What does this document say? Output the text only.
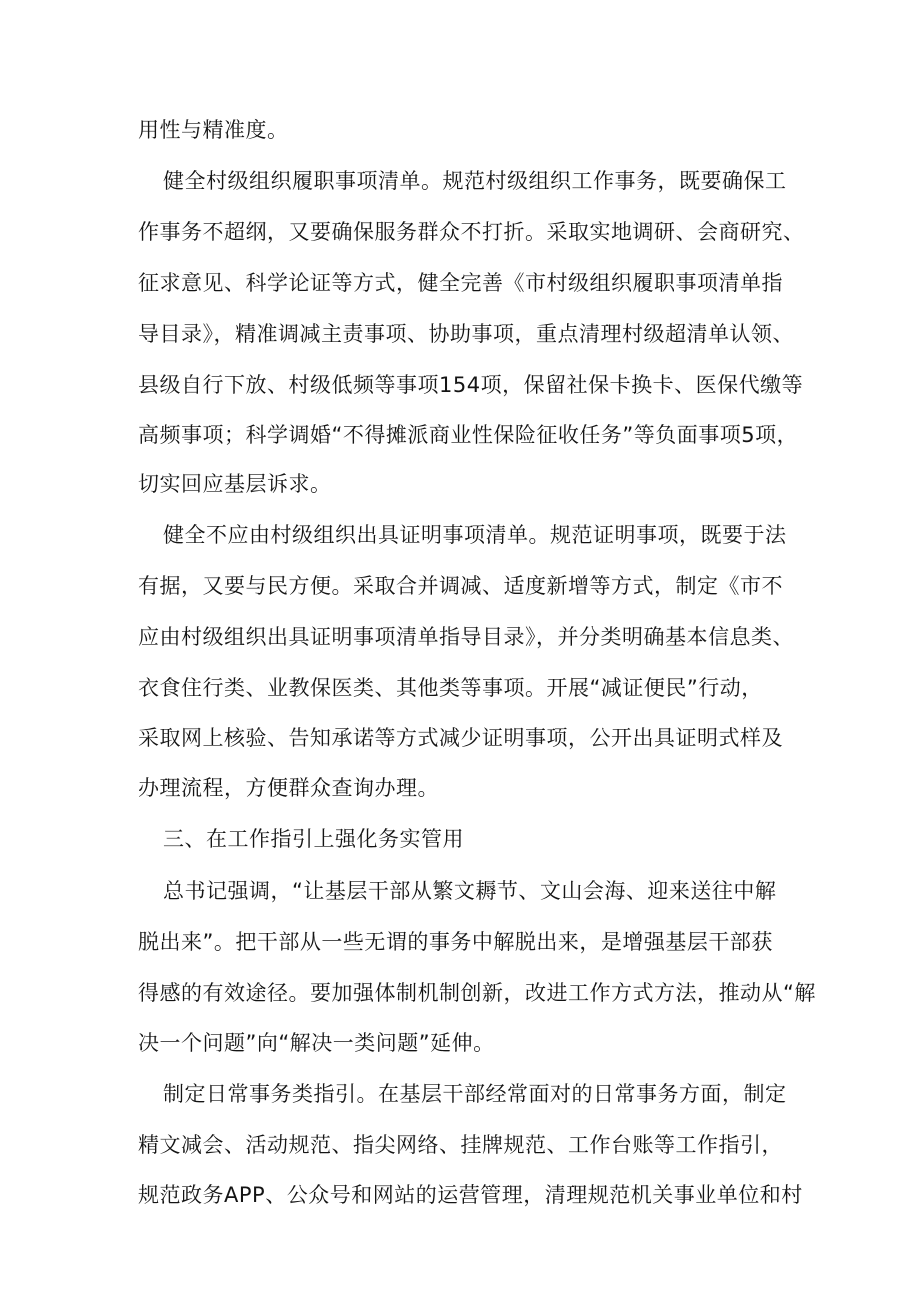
用性与精准度。
健全村级组织履职事项清单。规范村级组织工作事务，既要确保工
作事务不超纲，又要确保服务群众不打折。采取实地调研、会商研究、
征求意见、科学论证等方式，健全完善《市村级组织履职事项清单指
导目录》，精准调减主责事项、协助事项，重点清理村级超清单认领、
县级自行下放、村级低频等事项154项，保留社保卡换卡、医保代缴等
高频事项；科学调婚“不得摊派商业性保险征收任务”等负面事项5项，
切实回应基层诉求。
健全不应由村级组织出具证明事项清单。规范证明事项，既要于法
有据，又要与民方便。采取合并调减、适度新增等方式，制定《市不
应由村级组织出具证明事项清单指导目录》，并分类明确基本信息类、
衣食住行类、业教保医类、其他类等事项。开展“减证便民”行动，
采取网上核验、告知承诺等方式减少证明事项，公开出具证明式样及
办理流程，方便群众查询办理。
三、在工作指引上强化务实管用
总书记强调，“让基层干部从繁文耨节、文山会海、迎来送往中解
脱出来”。把干部从一些无谓的事务中解脱出来，是增强基层干部获
得感的有效途径。要加强体制机制创新，改进工作方式方法，推动从“解
决一个问题”向“解决一类问题”延伸。
制定日常事务类指引。在基层干部经常面对的日常事务方面，制定
精文减会、活动规范、指尖网络、挂牌规范、工作台账等工作指引，
规范政务APP、公众号和网站的运营管理，清理规范机关事业单位和村
